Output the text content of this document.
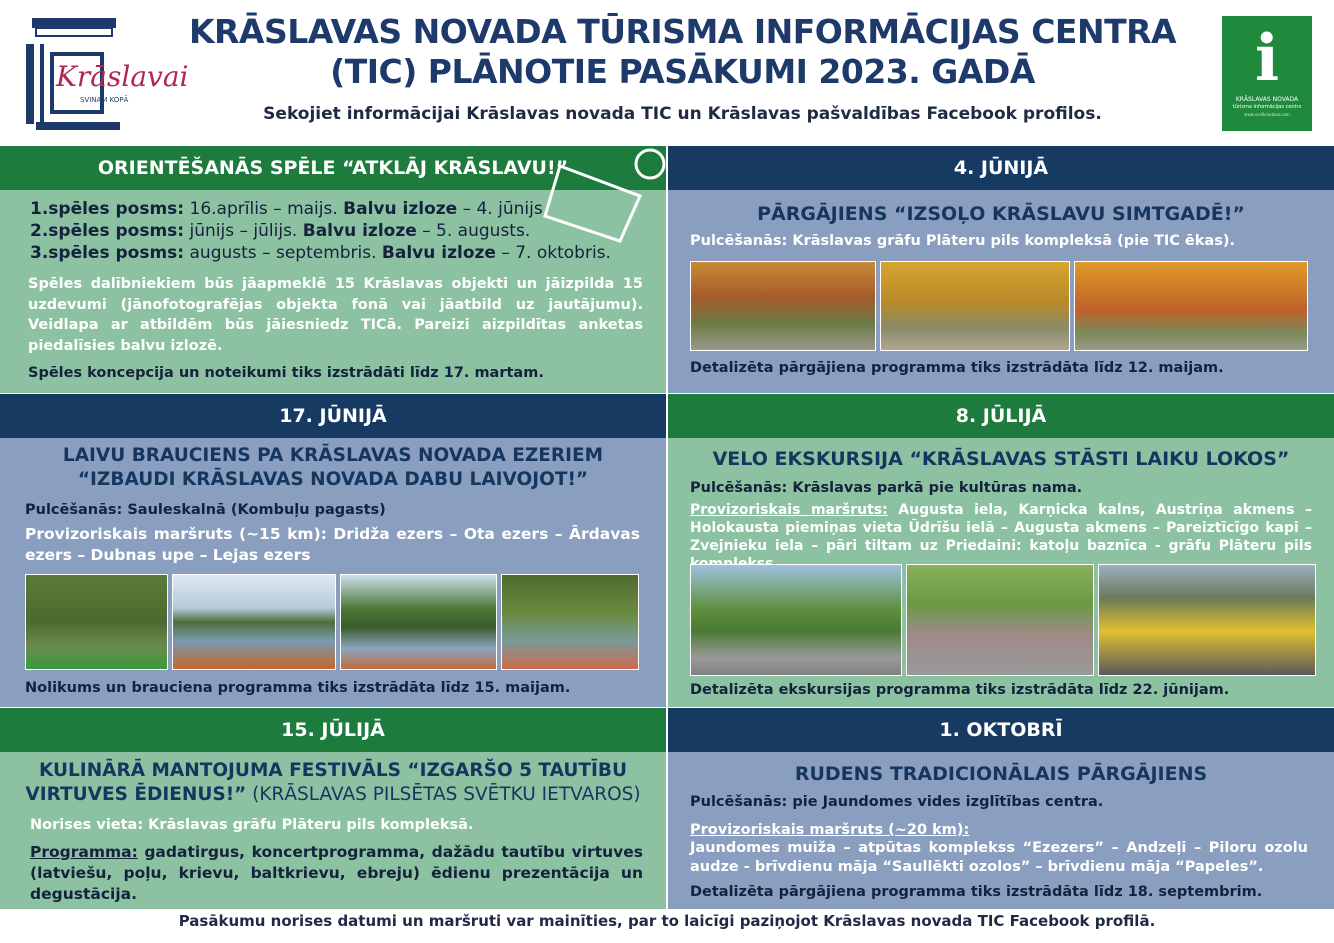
Krāslavai
SVINAM KOPĀ
KRĀSLAVAS NOVADA TŪRISMA INFORMĀCIJAS CENTRA
(TIC) PLĀNOTIE PASĀKUMI 2023. GADĀ
Sekojiet informācijai Krāslavas novada TIC un Krāslavas pašvaldības Facebook profilos.
i
KRĀSLAVAS NOVADA
tūrisma informācijas centrs
www.visitkraslava.com
ORIENTĒŠANĀS SPĒLE “ATKLĀJ KRĀSLAVU!”
1.spēles posms: 16.aprīlis – maijs. Balvu izloze – 4. jūnijs
2.spēles posms: jūnijs – jūlijs. Balvu izloze – 5. augusts.
3.spēles posms: augusts – septembris. Balvu izloze – 7. oktobris.
Spēles dalībniekiem būs jāapmeklē 15 Krāslavas objekti un jāizpilda 15 uzdevumi (jānofotografējas objekta fonā vai jāatbild uz jautājumu). Veidlapa ar atbildēm būs jāiesniedz TICā. Pareizi aizpildītas anketas piedalīsies balvu izlozē.
Spēles koncepcija un noteikumi tiks izstrādāti līdz 17. martam.
4. JŪNIJĀ
PĀRGĀJIENS “IZSOĻO KRĀSLAVU SIMTGADĒ!”
Pulcēšanās: Krāslavas grāfu Plāteru pils kompleksā (pie TIC ēkas).
Detalizēta pārgājiena programma tiks izstrādāta līdz 12. maijam.
17. JŪNIJĀ
LAIVU BRAUCIENS PA KRĀSLAVAS NOVADA EZERIEM
“IZBAUDI KRĀSLAVAS NOVADA DABU LAIVOJOT!”
Pulcēšanās: Sauleskalnā (Kombuļu pagasts)
Provizoriskais maršruts (~15 km): Dridža ezers – Ota ezers – Ārdavas ezers – Dubnas upe – Lejas ezers
Nolikums un brauciena programma tiks izstrādāta līdz 15. maijam.
8. JŪLIJĀ
VELO EKSKURSIJA “KRĀSLAVAS STĀSTI LAIKU LOKOS”
Pulcēšanās: Krāslavas parkā pie kultūras nama.
Provizoriskais maršruts: Augusta iela, Karņicka kalns, Austriņa akmens – Holokausta piemiņas vieta Ūdrīšu ielā – Augusta akmens – Pareiztīcīgo kapi – Zvejnieku iela – pāri tiltam uz Priedaini: katoļu baznīca - grāfu Plāteru pils
Detalizēta ekskursijas programma tiks izstrādāta līdz 22. jūnijam.
15. JŪLIJĀ
KULINĀRĀ MANTOJUMA FESTIVĀLS “IZGARŠO 5 TAUTĪBU
VIRTUVES ĒDIENUS!” (KRĀSLAVAS PILSĒTAS SVĒTKU IETVAROS)
Norises vieta: Krāslavas grāfu Plāteru pils kompleksā.
Programma: gadatirgus, koncertprogramma, dažādu tautību virtuves (latviešu, poļu, krievu, baltkrievu, ebreju) ēdienu prezentācija un degustācija.
1. OKTOBRĪ
RUDENS TRADICIONĀLAIS PĀRGĀJIENS
Pulcēšanās: pie Jaundomes vides izglītības centra.
Provizoriskais maršruts (~20 km):
Jaundomes muiža – atpūtas komplekss “Ezezers” – Andzeļi – Piloru ozolu audze - brīvdienu māja “Saullēkti ozolos” – brīvdienu māja “Papeles”.
Detalizēta pārgājiena programma tiks izstrādāta līdz 18. septembrim.
Pasākumu norises datumi un maršruti var mainīties, par to laicīgi paziņojot Krāslavas novada TIC Facebook profilā.
